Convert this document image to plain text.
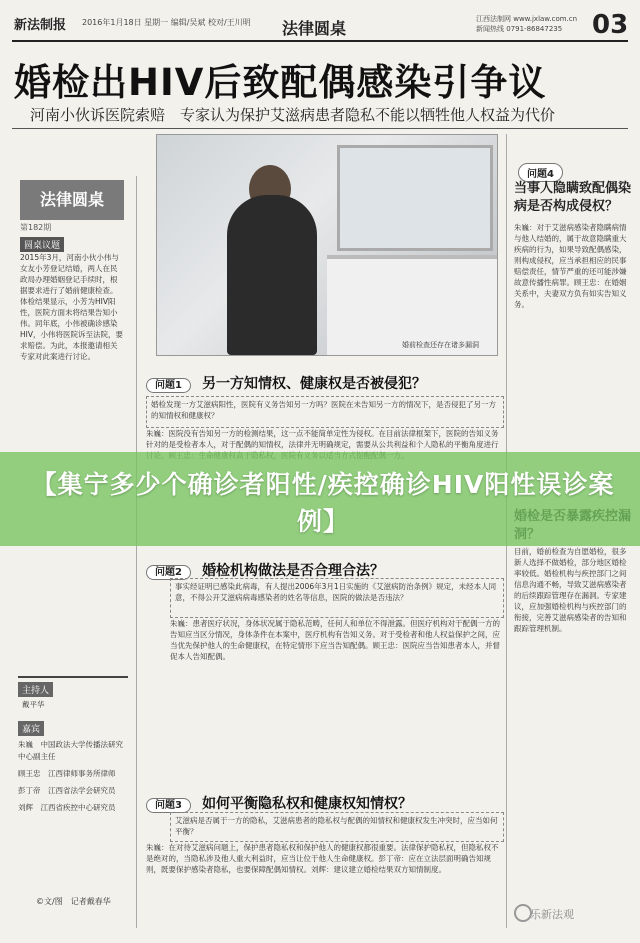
新法制报 2016年1月18日 星期一 编辑/吴斌 校对/王川明 法律圆桌	江西法制网 www.jxlaw.com.cn
新闻热线 0791-86847235 03
婚检出HIV后致配偶感染引争议
河南小伙诉医院索赔　专家认为保护艾滋病患者隐私不能以牺牲他人权益为代价
婚前检查还存在诸多漏洞
法律圆桌
第182期
圆桌议题
2015年3月，河南小伙小伟与女友小芳登记结婚，两人在民政局办理婚姻登记手续时，根据要求进行了婚前健康检查。体检结果显示，小芳为HIV阳性，医院方面未将结果告知小伟。同年底，小伟被确诊感染HIV，小伟将医院诉至法院，要求赔偿。为此，本报邀请相关专家对此案进行讨论。
问题1 另一方知情权、健康权是否被侵犯？
婚检发现一方艾滋病阳性，医院有义务告知另一方吗？医院在未告知另一方的情况下，是否侵犯了另一方的知情权和健康权？
朱巍：医院没有告知另一方的检测结果，这一点不能简单定性为侵权。在目前法律框架下，医院的告知义务针对的是受检者本人，对于配偶的知情权，法律并无明确规定，需要从公共利益和个人隐私的平衡角度进行
问题2 婚检机构做法是否合理合法？
事实经证明已感染此病毒，有人提出2006年3月1日实施的《艾滋病防治条例》规定，未经本人同意，不得公开艾滋病病毒感染者的姓名等信息，医院的做法是否违法？
朱巍：患者医疗状况，身体状况属于隐私范畴，任何人和单位不得泄露。但医疗机构对于配偶一方的告知应当区分情况，身体条件在本案中，医疗机构有告知义务。对于受检者和他人权益保护之间，应当优先保护他人的生命健康权，在特定情形下应当告知配偶。顾王忠：医院应当告知患者本人，并督促本人告知配偶。
问题3 如何平衡隐私权和健康权知情权？
艾滋病是否属于一方的隐私，艾滋病患者的隐私权与配偶的知情权和健康权发生冲突时，应当如何平衡？
朱巍：在对待艾滋病问题上，保护患者隐私权和保护他人的健康权都很重要。法律保护隐私权，但隐私权不是绝对的，当隐私涉及他人重大利益时，应当让位于他人生命健康权。彭丁帝：应在立法层面明确告知规则，既要保护感染者隐私，也要保障配偶知情权。刘辉：建议建立婚检结果双方知情制度。
问题4
当事人隐瞒致配偶染病是否构成侵权？
朱巍：对于艾滋病感染者隐瞒病情与他人结婚的，属于故意隐瞒重大疾病的行为，如果导致配偶感染，则构成侵权，应当承担相应的民事赔偿责任，情节严重的还可能涉嫌故意传播性病罪。顾王忠：在婚姻关系中，夫妻双方负有如实告知义务。
目前，婚前检查为自愿婚检，很多新人选择不做婚检，部分地区婚检率较低。婚检机构与疾控部门之间信息沟通不畅，导致艾滋病感染者的后续跟踪管理存在漏洞。专家建议，应加强婚检机构与疾控部门的衔接，完善艾滋病感染者的告知和跟踪管理机制。
主持人
戴平华
嘉宾
朱巍　中国政法大学传播法研究中心副主任
顾王忠　江西律师事务所律师
彭丁帝　江西省法学会研究员
刘辉　江西省疾控中心研究员
©文/图　记者戴春华
乐新法观
【集宁多少个确诊者阳性/疾控确诊HIV阳性误诊案例】
